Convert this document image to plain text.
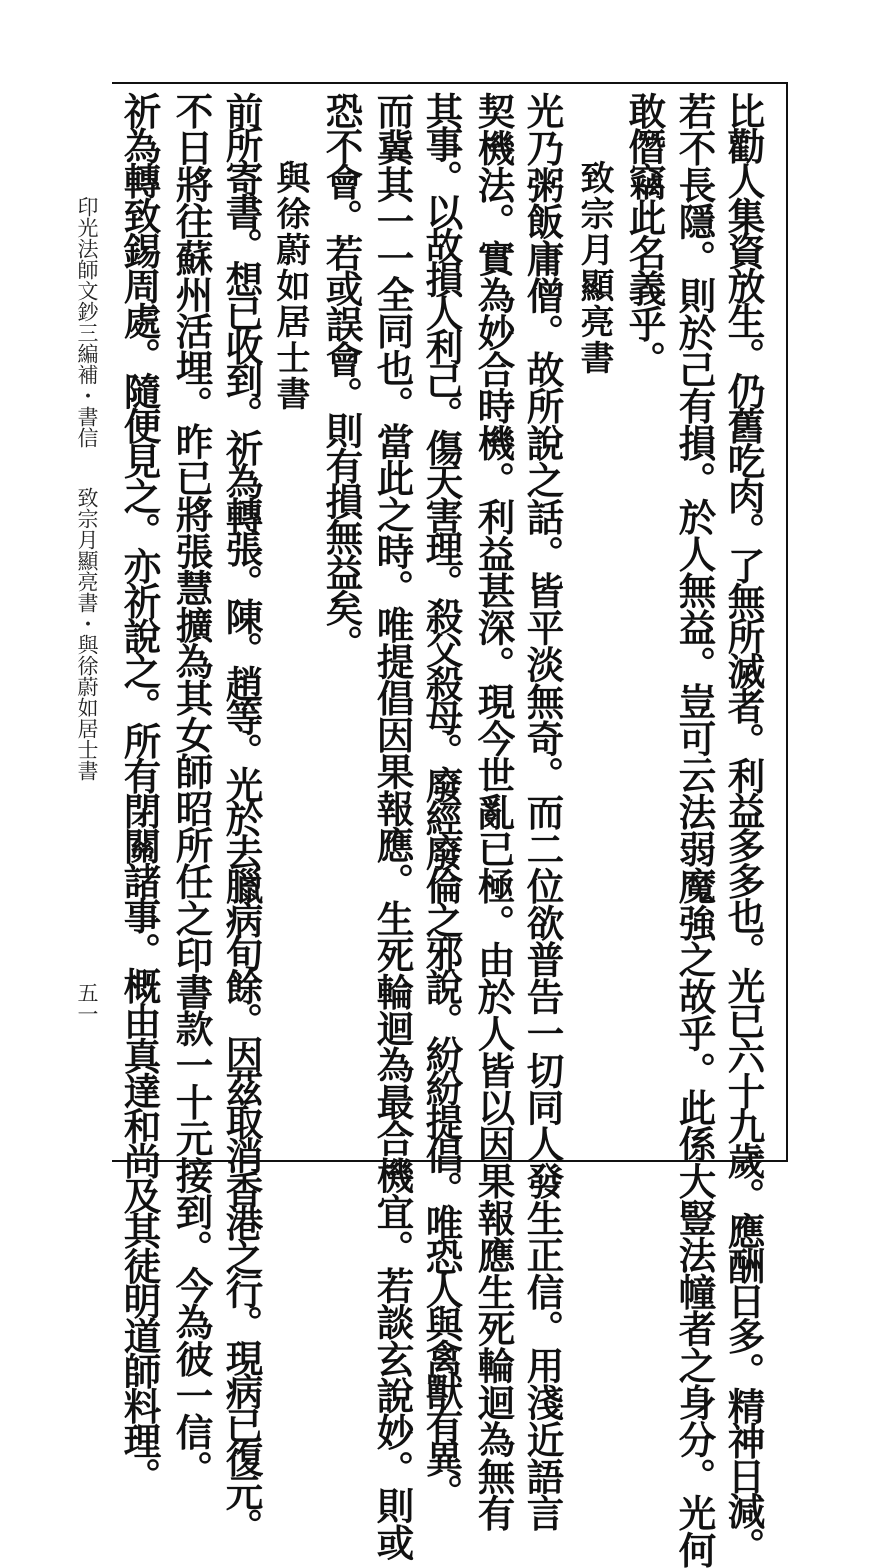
印光法師文鈔三編補・書信
致宗月顯亮書・與徐蔚如居士書
五一	比勸人集資放生。仍舊吃肉。了無所滅者。利益多多也。光已六十九歲。應酬日多。精神日減。
若不長隱。則於己有損。於人無益。豈可云法弱魔強之故乎。此係大豎法幢者之身分。光何
敢僭竊此名義乎。
致宗月顯亮書
光乃粥飯庸僧。故所說之話。皆平淡無奇。而二位欲普告一切同人發生正信。用淺近語言
契機法。實為妙合時機。利益甚深。現今世亂已極。由於人皆以因果報應生死輪迴為無有
其事。以故損人利己。傷天害理。殺父殺母。廢經廢倫之邪說。紛紛提倡。唯恐人與禽獸有異。
而冀其一一全同也。當此之時。唯提倡因果報應。生死輪迴為最合機宜。若談玄說妙。則或
恐不會。若或誤會。則有損無益矣。
與徐蔚如居士書
前所寄書。想已收到。祈為轉張。陳。趙等。光於去臘病旬餘。因茲取消香港之行。現病已復元。
不日將往蘇州活埋。昨已將張慧擴為其女師昭所任之印書款一十元接到。今為彼一信。
祈為轉致錫周處。隨便見之。亦祈說之。所有閉關諸事。概由真達和尚及其徒明道師料理。
